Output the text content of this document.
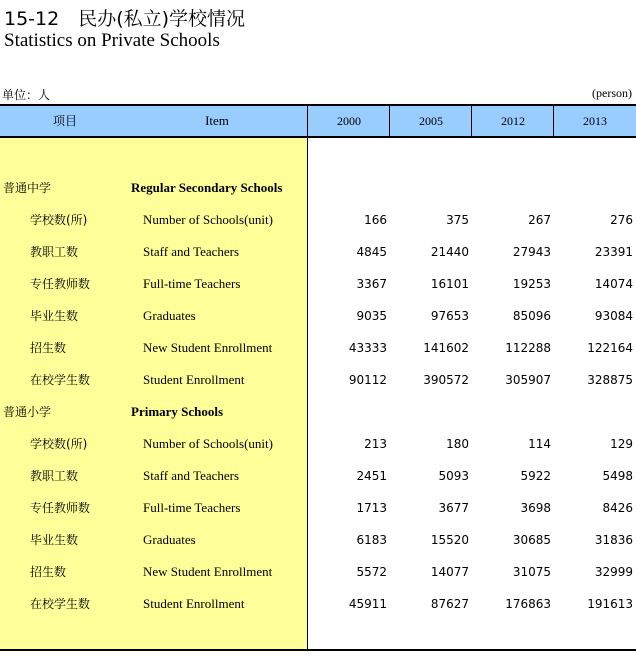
15-12　民办(私立)学校情况
Statistics on Private Schools
单位：人	(person)
项目	Item	2000	2005	2012	2013
普通中学	Regular Secondary Schools
学校数(所)	Number of Schools(unit)	166	375	267	276
教职工数	Staff and Teachers	4845	21440	27943	23391
专任教师数	Full-time Teachers	3367	16101	19253	14074
毕业生数	Graduates	9035	97653	85096	93084
招生数	New Student Enrollment	43333	141602	112288	122164
在校学生数	Student Enrollment	90112	390572	305907	328875
普通小学	Primary Schools
学校数(所)	Number of Schools(unit)	213	180	114	129
教职工数	Staff and Teachers	2451	5093	5922	5498
专任教师数	Full-time Teachers	1713	3677	3698	8426
毕业生数	Graduates	6183	15520	30685	31836
招生数	New Student Enrollment	5572	14077	31075	32999
在校学生数	Student Enrollment	45911	87627	176863	191613
